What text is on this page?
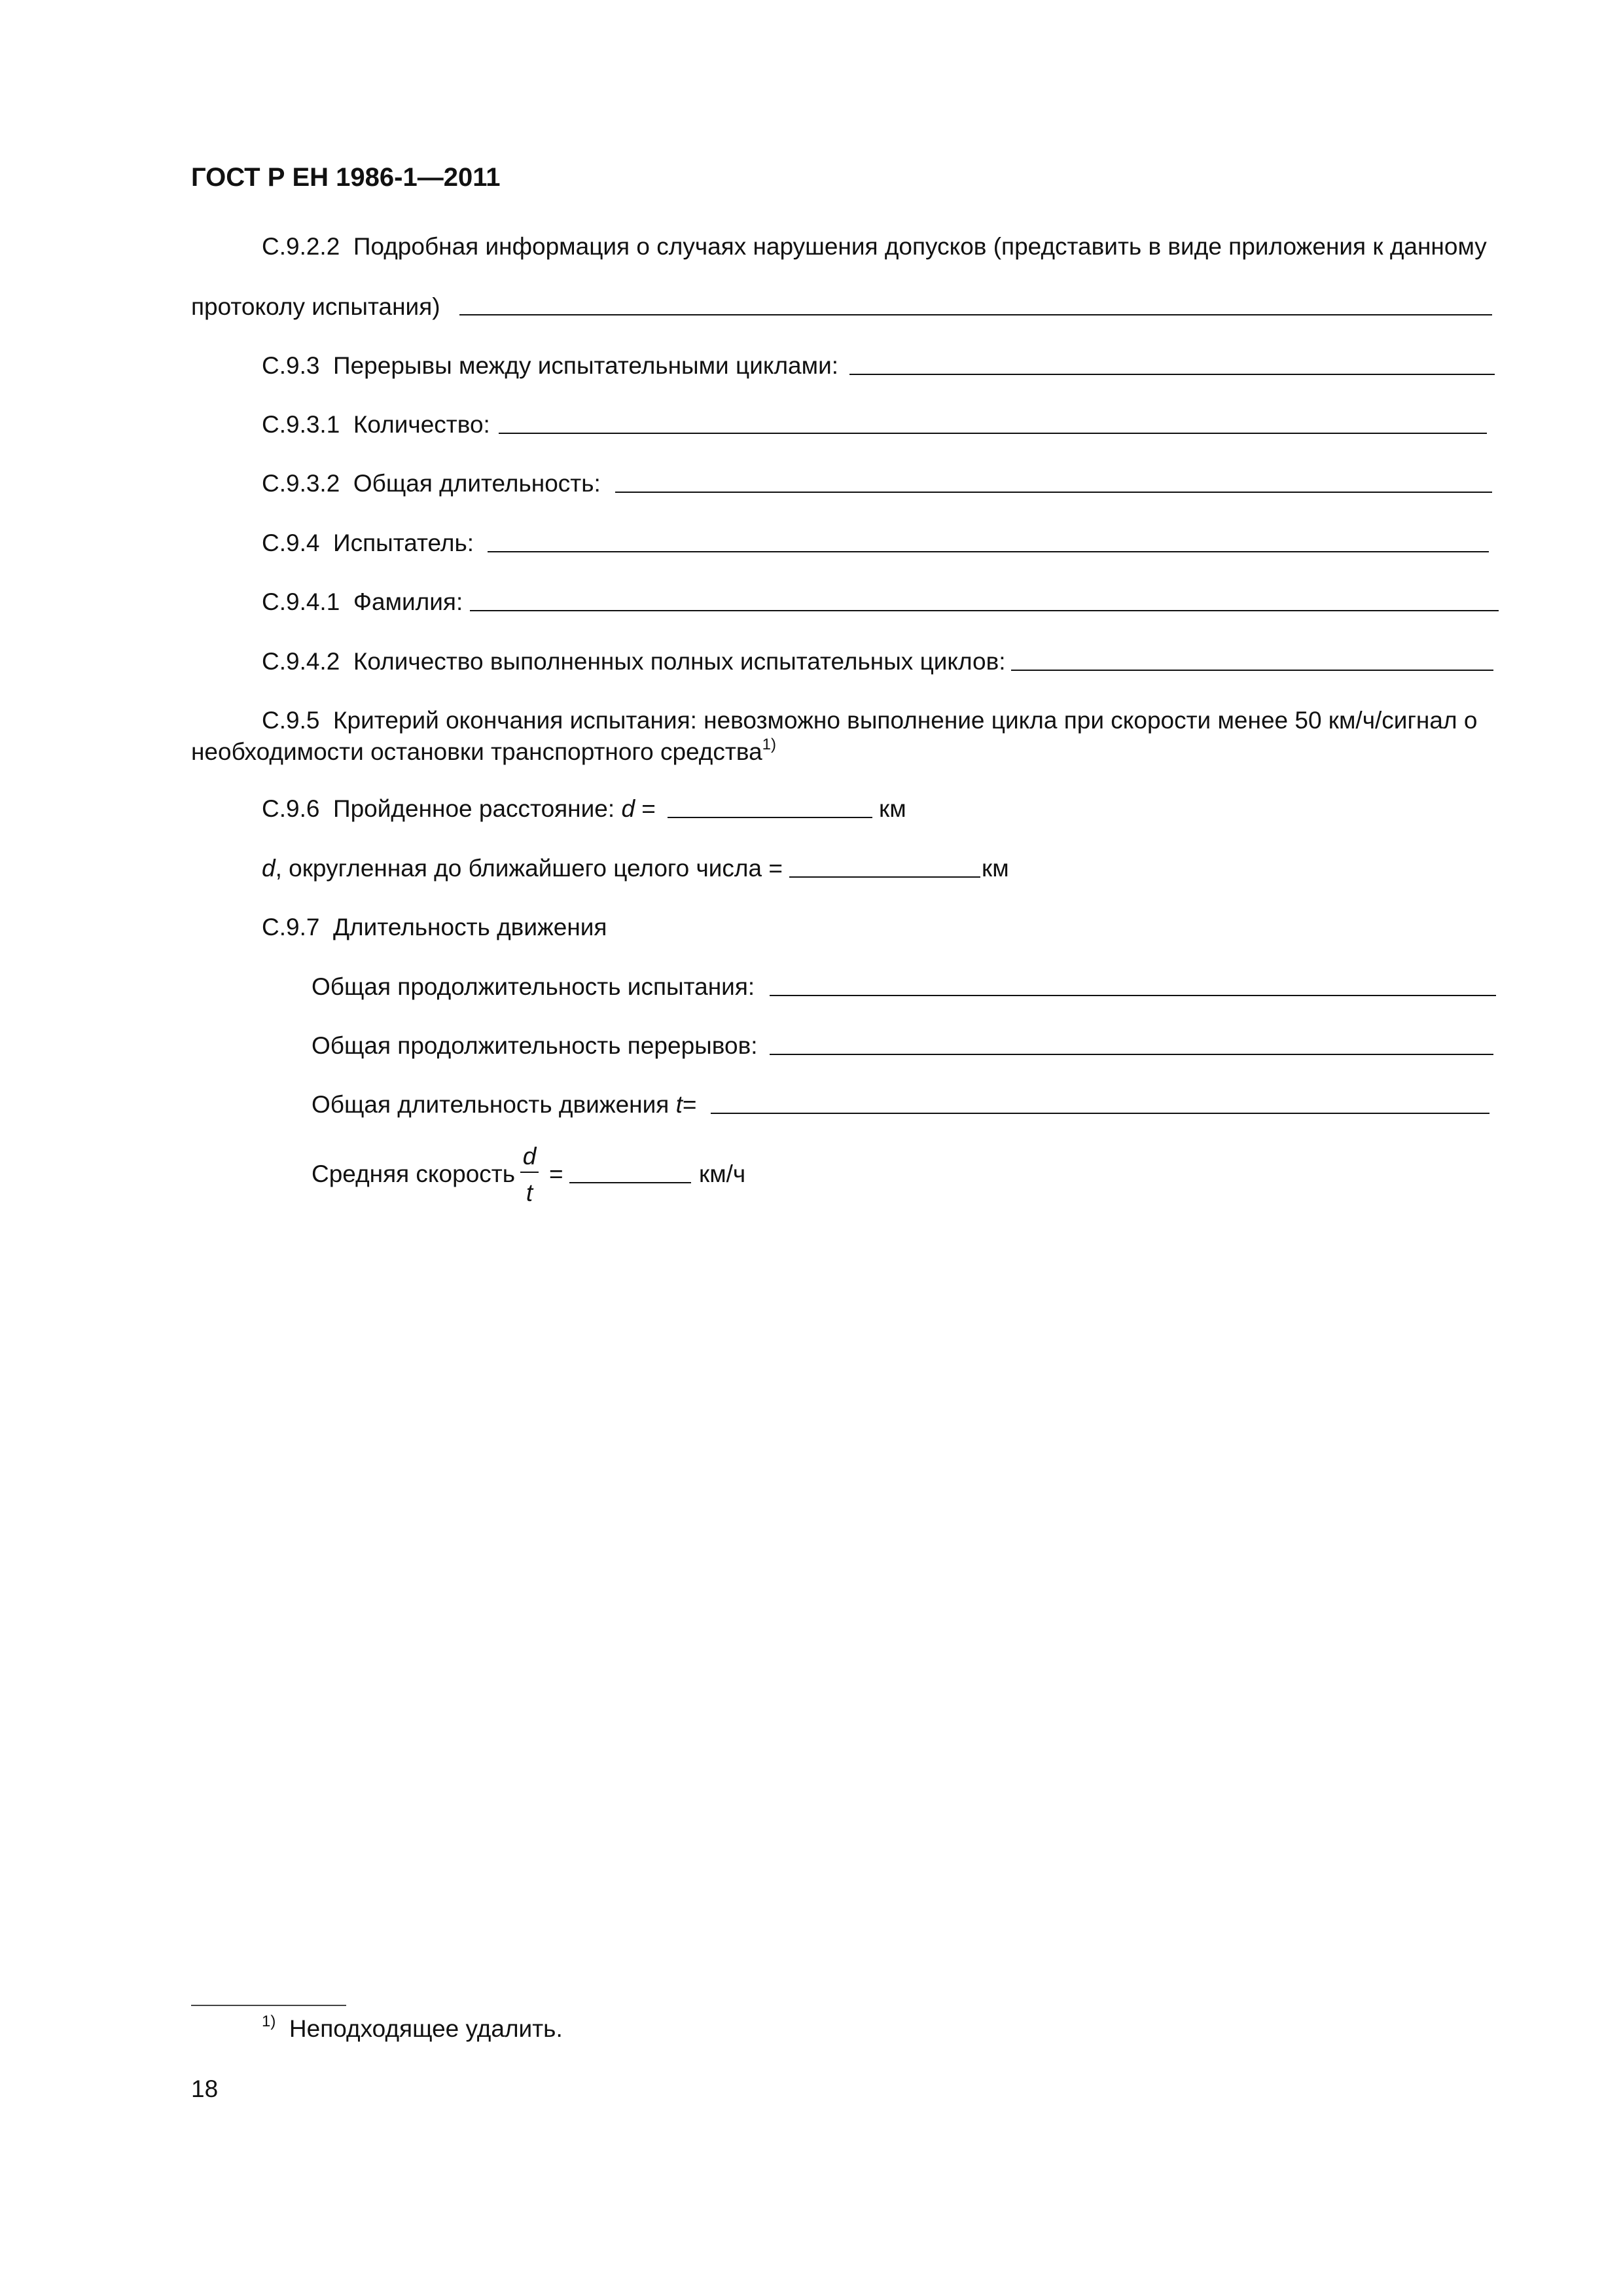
ГОСТ Р ЕН 1986-1—2011
C.9.2.2 Подробная информация о случаях нарушения допусков (представить в виде приложения к данному
протоколу испытания)
C.9.3 Перерывы между испытательными циклами:
C.9.3.1 Количество:
C.9.3.2 Общая длительность:
C.9.4 Испытатель:
C.9.4.1 Фамилия:
C.9.4.2 Количество выполненных полных испытательных циклов:
C.9.5 Критерий окончания испытания: невозможно выполнение цикла при скорости менее 50 км/ч/сигнал о
необходимости остановки транспортного средства$^{1)}$
C.9.6 Пройденное расстояние: d =	км
d, округленная до ближайшего целого числа =	км
C.9.7 Длительность движения
Общая продолжительность испытания:
Общая продолжительность перерывов:
Общая длительность движения t=
Средняя скорость
d
t
=	км/ч
$^{1)}$ Неподходящее удалить.
18
